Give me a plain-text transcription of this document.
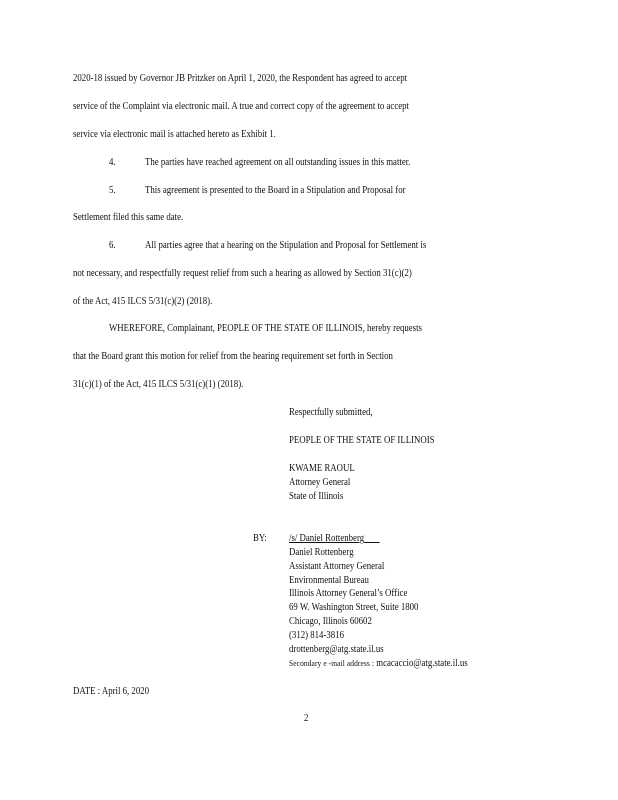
2020-18 issued by Governor JB Pritzker on April 1, 2020, the Respondent has agreed to accept
service of the Complaint via electronic mail. A true and correct copy of the agreement to accept
service via electronic mail is attached hereto as Exhibit 1.
4.	The parties have reached agreement on all outstanding issues in this matter.
5.	This agreement is presented to the Board in a Stipulation and Proposal for
Settlement filed this same date.
6.	All parties agree that a hearing on the Stipulation and Proposal for Settlement is
not necessary, and respectfully request relief from such a hearing as allowed by Section 31(c)(2)
of the Act, 415 ILCS 5/31(c)(2) (2018).
WHEREFORE, Complainant, PEOPLE OF THE STATE OF ILLINOIS, hereby requests
that the Board grant this motion for relief from the hearing requirement set forth in Section
31(c)(1) of the Act, 415 ILCS 5/31(c)(1) (2018).
Respectfully submitted,
PEOPLE OF THE STATE OF ILLINOIS
KWAME RAOUL
Attorney General
State of Illinois
BY: /s/ Daniel Rottenberg
Daniel Rottenberg
Assistant Attorney General
Environmental Bureau
Illinois Attorney General’s Office
69 W. Washington Street, Suite 1800
Chicago, Illinois 60602
(312) 814-3816
drottenberg@atg.state.il.us
Secondary e -mail address : mcacaccio@atg.state.il.us
DATE : April 6, 2020
2
